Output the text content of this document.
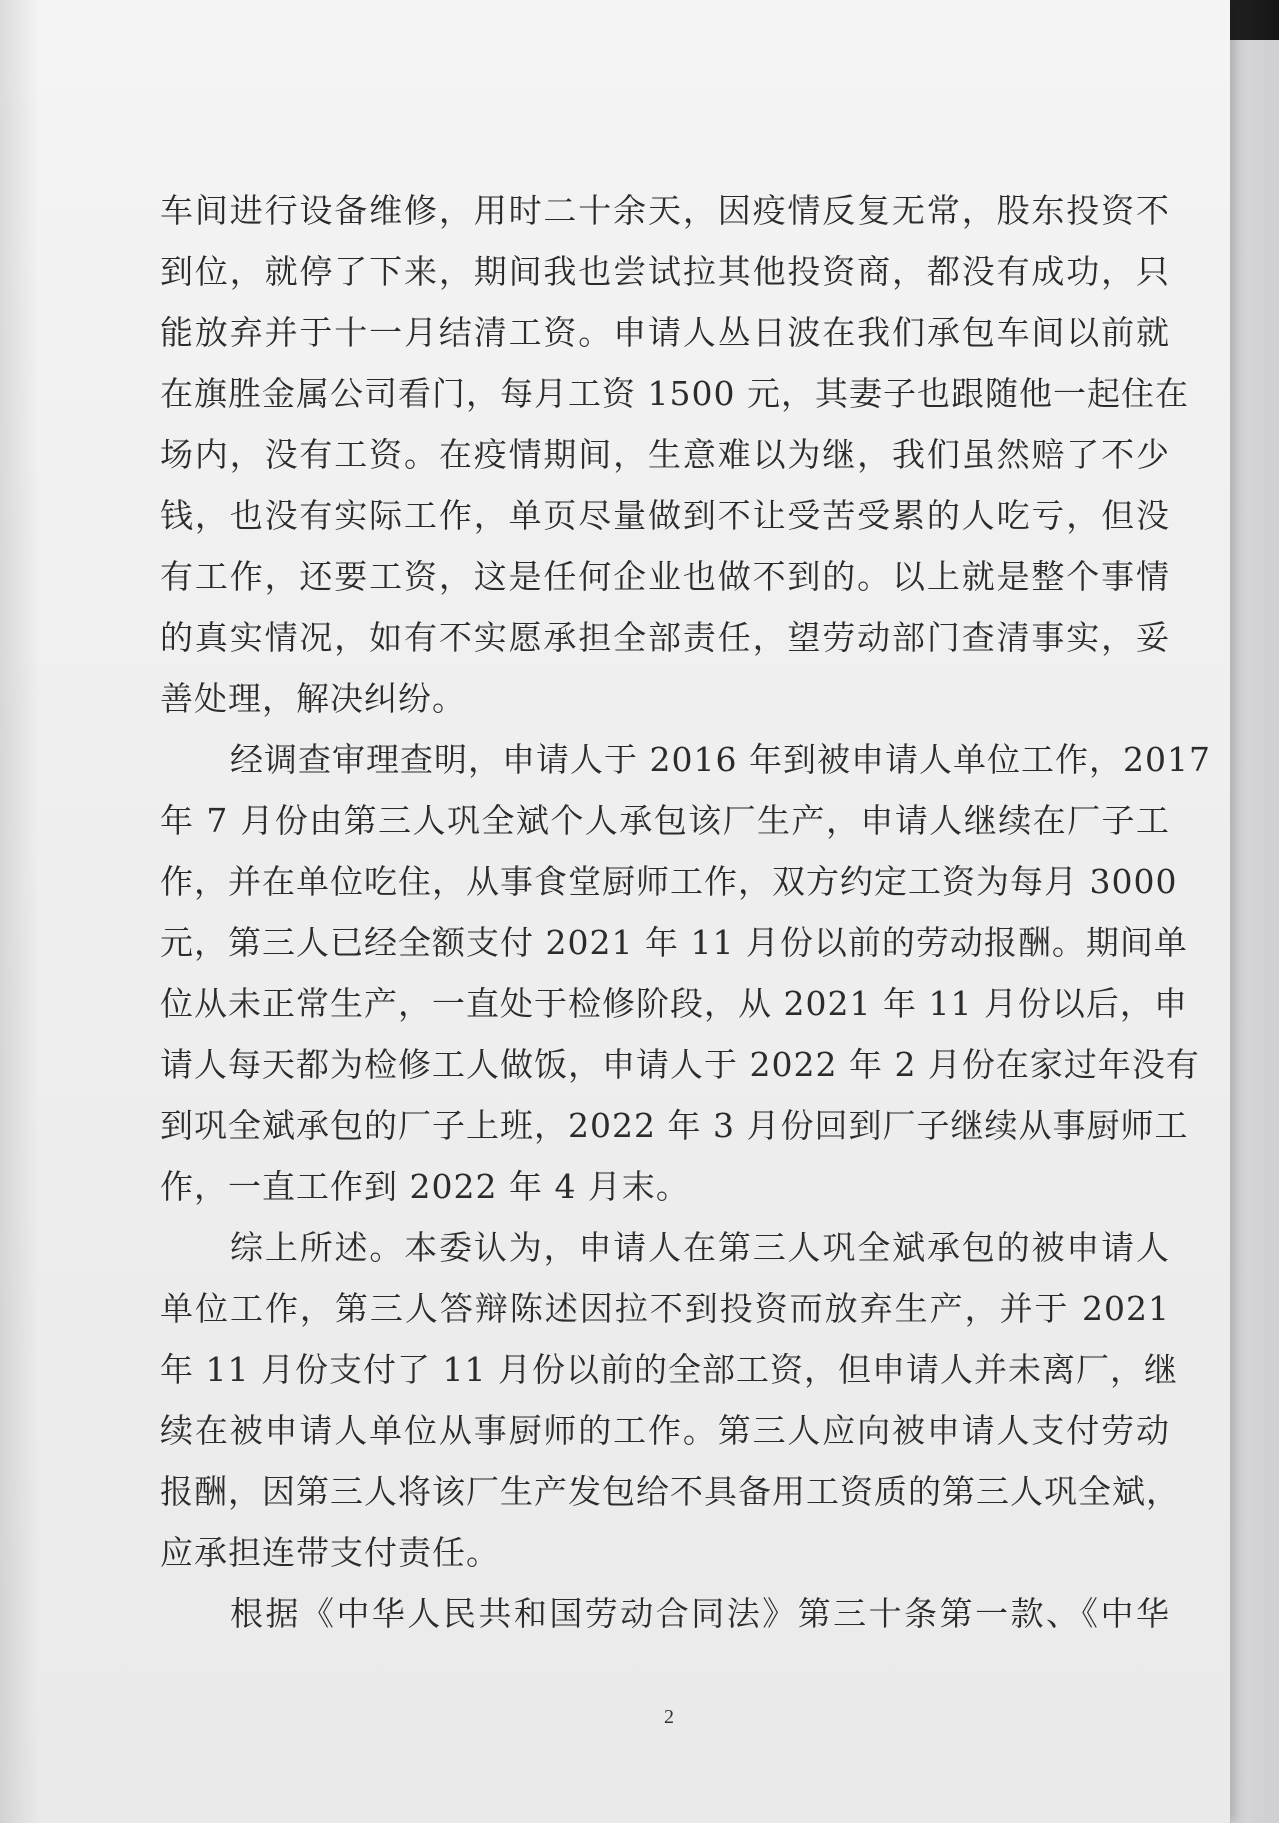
车间进行设备维修，用时二十余天，因疫情反复无常，股东投资不
到位，就停了下来，期间我也尝试拉其他投资商，都没有成功，只
能放弃并于十一月结清工资。申请人丛日波在我们承包车间以前就
在旗胜金属公司看门，每月工资 1500 元，其妻子也跟随他一起住在
场内，没有工资。在疫情期间，生意难以为继，我们虽然赔了不少
钱，也没有实际工作，单页尽量做到不让受苦受累的人吃亏，但没
有工作，还要工资，这是任何企业也做不到的。以上就是整个事情
的真实情况，如有不实愿承担全部责任，望劳动部门查清事实，妥
善处理，解决纠纷。
经调查审理查明，申请人于 2016 年到被申请人单位工作，2017
年 7 月份由第三人巩全斌个人承包该厂生产，申请人继续在厂子工
作，并在单位吃住，从事食堂厨师工作，双方约定工资为每月 3000
元，第三人已经全额支付 2021 年 11 月份以前的劳动报酬。期间单
位从未正常生产，一直处于检修阶段，从 2021 年 11 月份以后，申
请人每天都为检修工人做饭，申请人于 2022 年 2 月份在家过年没有
到巩全斌承包的厂子上班，2022 年 3 月份回到厂子继续从事厨师工
作，一直工作到 2022 年 4 月末。
综上所述。本委认为，申请人在第三人巩全斌承包的被申请人
单位工作，第三人答辩陈述因拉不到投资而放弃生产，并于 2021
年 11 月份支付了 11 月份以前的全部工资，但申请人并未离厂，继
续在被申请人单位从事厨师的工作。第三人应向被申请人支付劳动
报酬，因第三人将该厂生产发包给不具备用工资质的第三人巩全斌，
应承担连带支付责任。
根据《中华人民共和国劳动合同法》第三十条第一款、《中华
2
